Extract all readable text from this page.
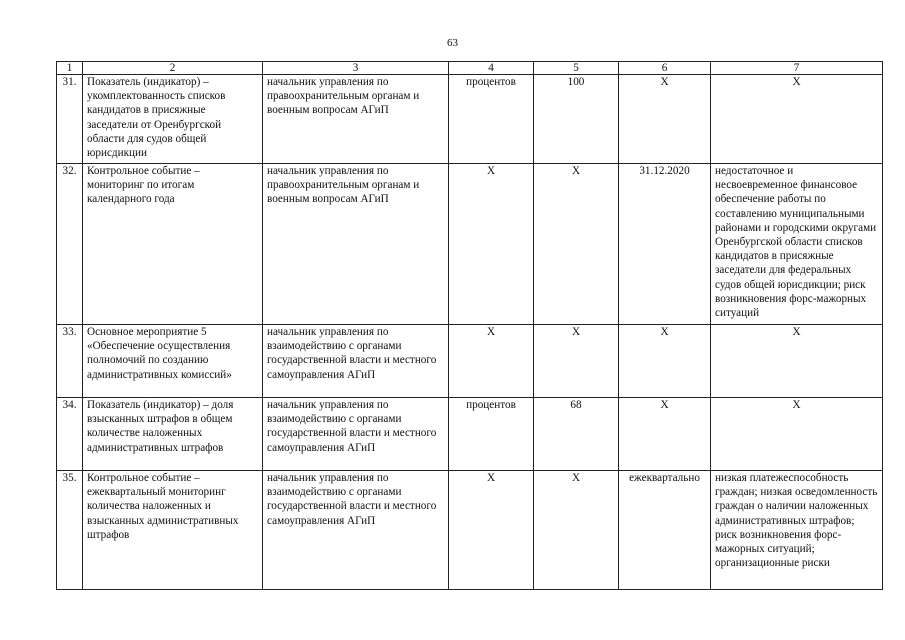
63
1	2	3	4	5	6	7
31.	Показатель (индикатор) – укомплектованность списков кандидатов в присяжные заседатели от Оренбургской области для судов общей юрисдикции	начальник управления по правоохранительным органам и военным вопросам АГиП	процентов	100	X	X
32.	Контрольное событие – мониторинг по итогам календарного года	начальник управления по правоохранительным органам и военным вопросам АГиП	X	X	31.12.2020	недостаточное и несвоевременное финансовое обеспечение работы по составлению муниципальными районами и городскими округами Оренбургской области списков кандидатов в присяжные заседатели для федеральных судов общей юрисдикции; риск возникновения форс-мажорных ситуаций
33.	Основное мероприятие 5 «Обеспечение осуществления полномочий по созданию административных комиссий»	начальник управления по взаимодействию с органами государственной власти и местного самоуправления АГиП	X	X	X	X
34.	Показатель (индикатор) – доля взысканных штрафов в общем количестве наложенных административных штрафов	начальник управления по взаимодействию с органами государственной власти и местного самоуправления АГиП	процентов	68	X	X
35.	Контрольное событие – ежеквартальный мониторинг количества наложенных и взысканных административных штрафов	начальник управления по взаимодействию с органами государственной власти и местного самоуправления АГиП	X	X	ежеквартально	низкая платежеспособность граждан; низкая осведомленность граждан о наличии наложенных административных штрафов; риск возникновения форс-мажорных ситуаций; организационные риски
